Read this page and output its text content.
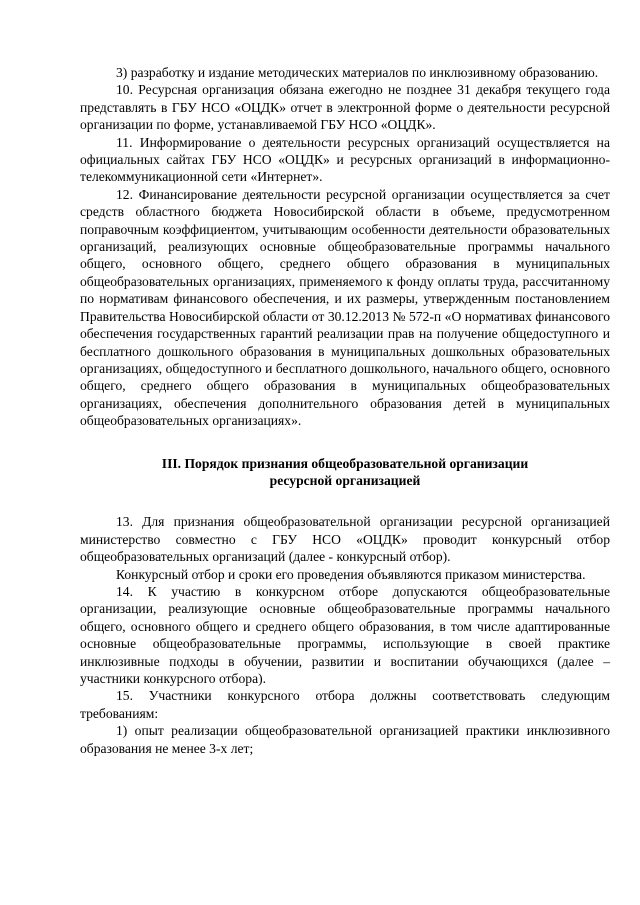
3) разработку и издание методических материалов по инклюзивному образованию.

10. Ресурсная организация обязана ежегодно не позднее 31 декабря текущего года представлять в ГБУ НСО «ОЦДК» отчет в электронной форме о деятельности ресурсной организации по форме, устанавливаемой ГБУ НСО «ОЦДК».

11. Информирование о деятельности ресурсных организаций осуществляется на официальных сайтах ГБУ НСО «ОЦДК» и ресурсных организаций в информационно-телекоммуникационной сети «Интернет».

12. Финансирование деятельности ресурсной организации осуществляется за счет средств областного бюджета Новосибирской области в объеме, предусмотренном поправочным коэффициентом, учитывающим особенности деятельности образовательных организаций, реализующих основные общеобразовательные программы начального общего, основного общего, среднего общего образования в муниципальных общеобразовательных организациях, применяемого к фонду оплаты труда, рассчитанному по нормативам финансового обеспечения, и их размеры, утвержденным постановлением Правительства Новосибирской области от 30.12.2013 № 572-п «О нормативах финансового обеспечения государственных гарантий реализации прав на получение общедоступного и бесплатного дошкольного образования в муниципальных дошкольных образовательных организациях, общедоступного и бесплатного дошкольного, начального общего, основного общего, среднего общего образования в муниципальных общеобразовательных организациях, обеспечения дополнительного образования детей в муниципальных общеобразовательных организациях».

III. Порядок признания общеобразовательной организации
ресурсной организацией

13. Для признания общеобразовательной организации ресурсной организацией министерство совместно с ГБУ НСО «ОЦДК» проводит конкурсный отбор общеобразовательных организаций (далее - конкурсный отбор).

Конкурсный отбор и сроки его проведения объявляются приказом министерства.

14. К участию в конкурсном отборе допускаются общеобразовательные организации, реализующие основные общеобразовательные программы начального общего, основного общего и среднего общего образования, в том числе адаптированные основные общеобразовательные программы, использующие в своей практике инклюзивные подходы в обучении, развитии и воспитании обучающихся (далее – участники конкурсного отбора).

15. Участники конкурсного отбора должны соответствовать следующим требованиям:

1) опыт реализации общеобразовательной организацией практики инклюзивного образования не менее 3-х лет;
